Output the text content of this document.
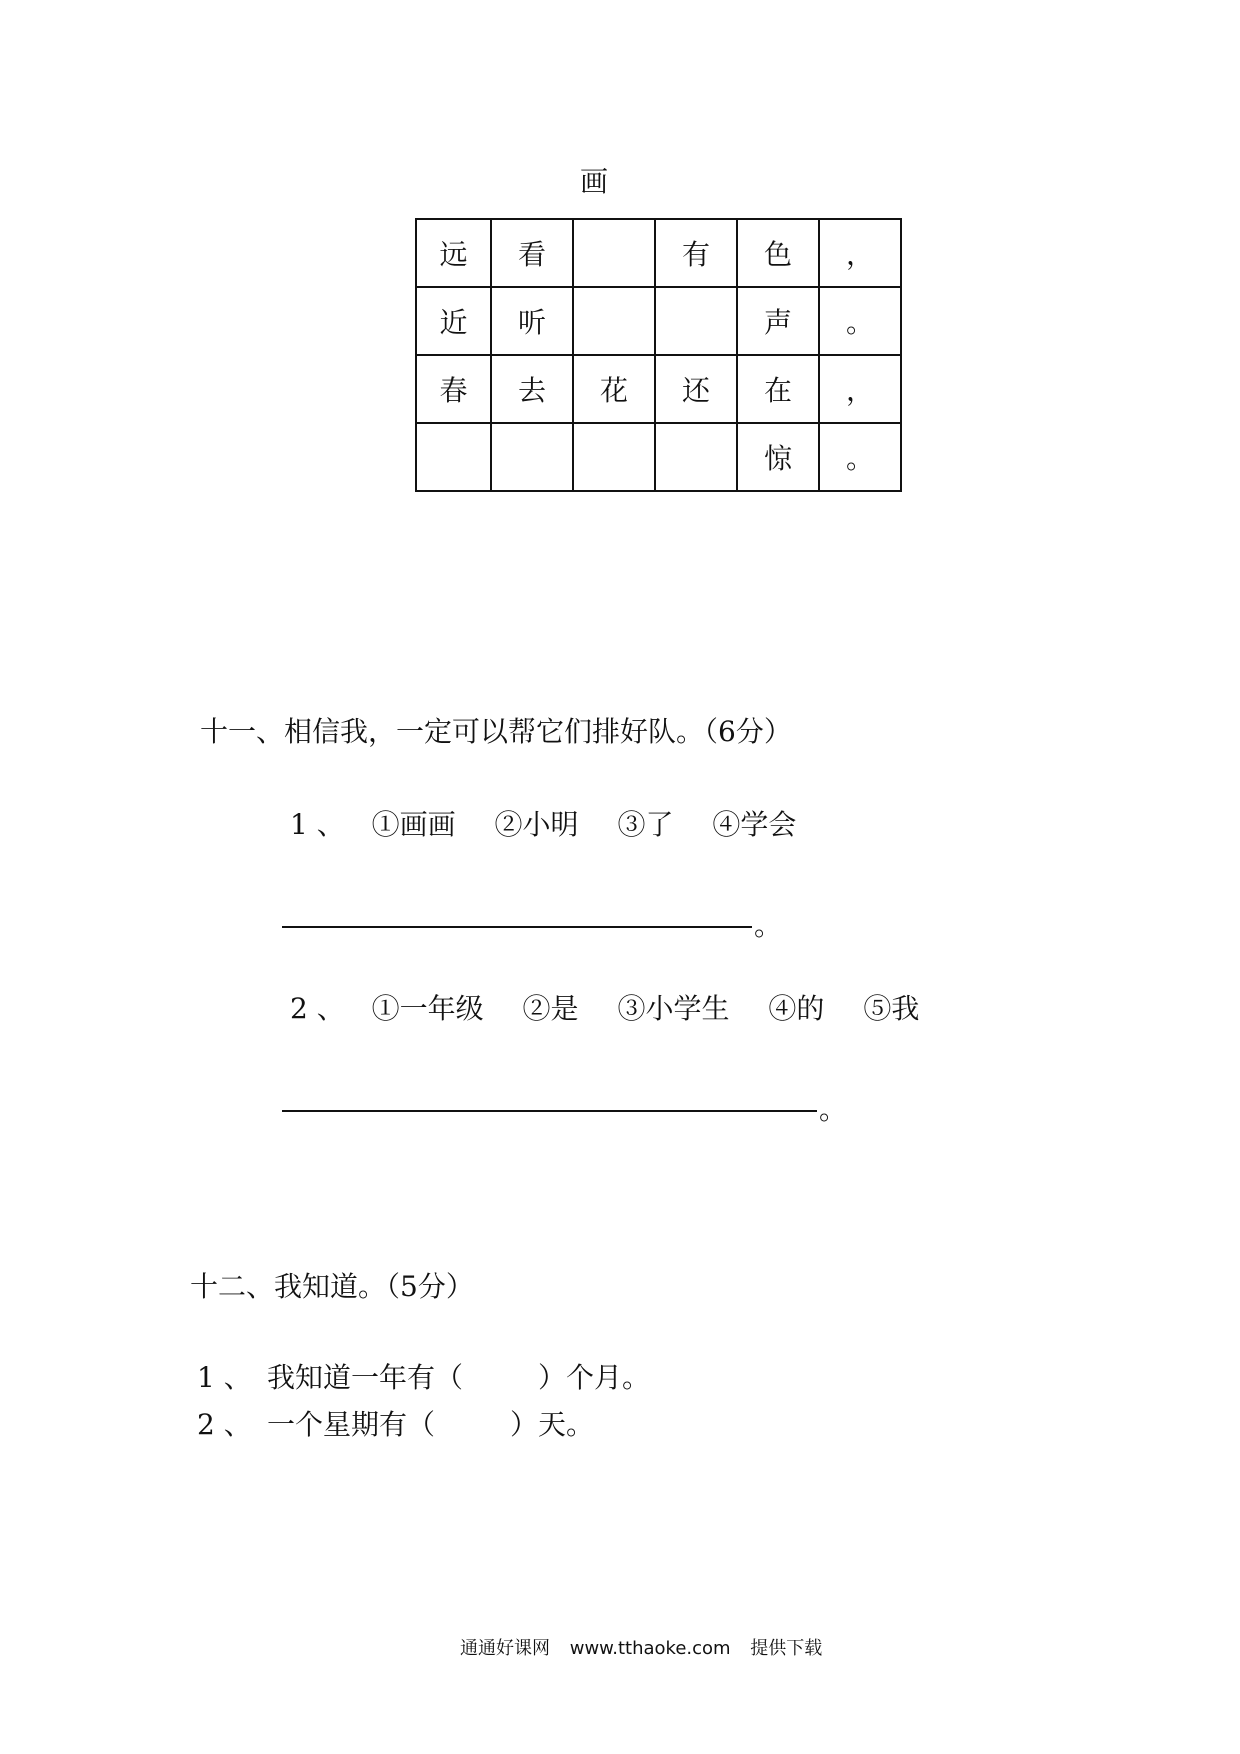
画
远	看		有	色	，
近	听			声	。
春	去	花	还	在	，
				惊	。
十一、相信我，一定可以帮它们排好队。（6分）
1 、 ①画画 ②小明 ③了 ④学会
。
2 、 ①一年级 ②是 ③小学生 ④的 ⑤我
。
十二、我知道。（5分）
1 、 我知道一年有（	）个月。
2 、 一个星期有（	）天。
通通好课网 www.tthaoke.com 提供下载
